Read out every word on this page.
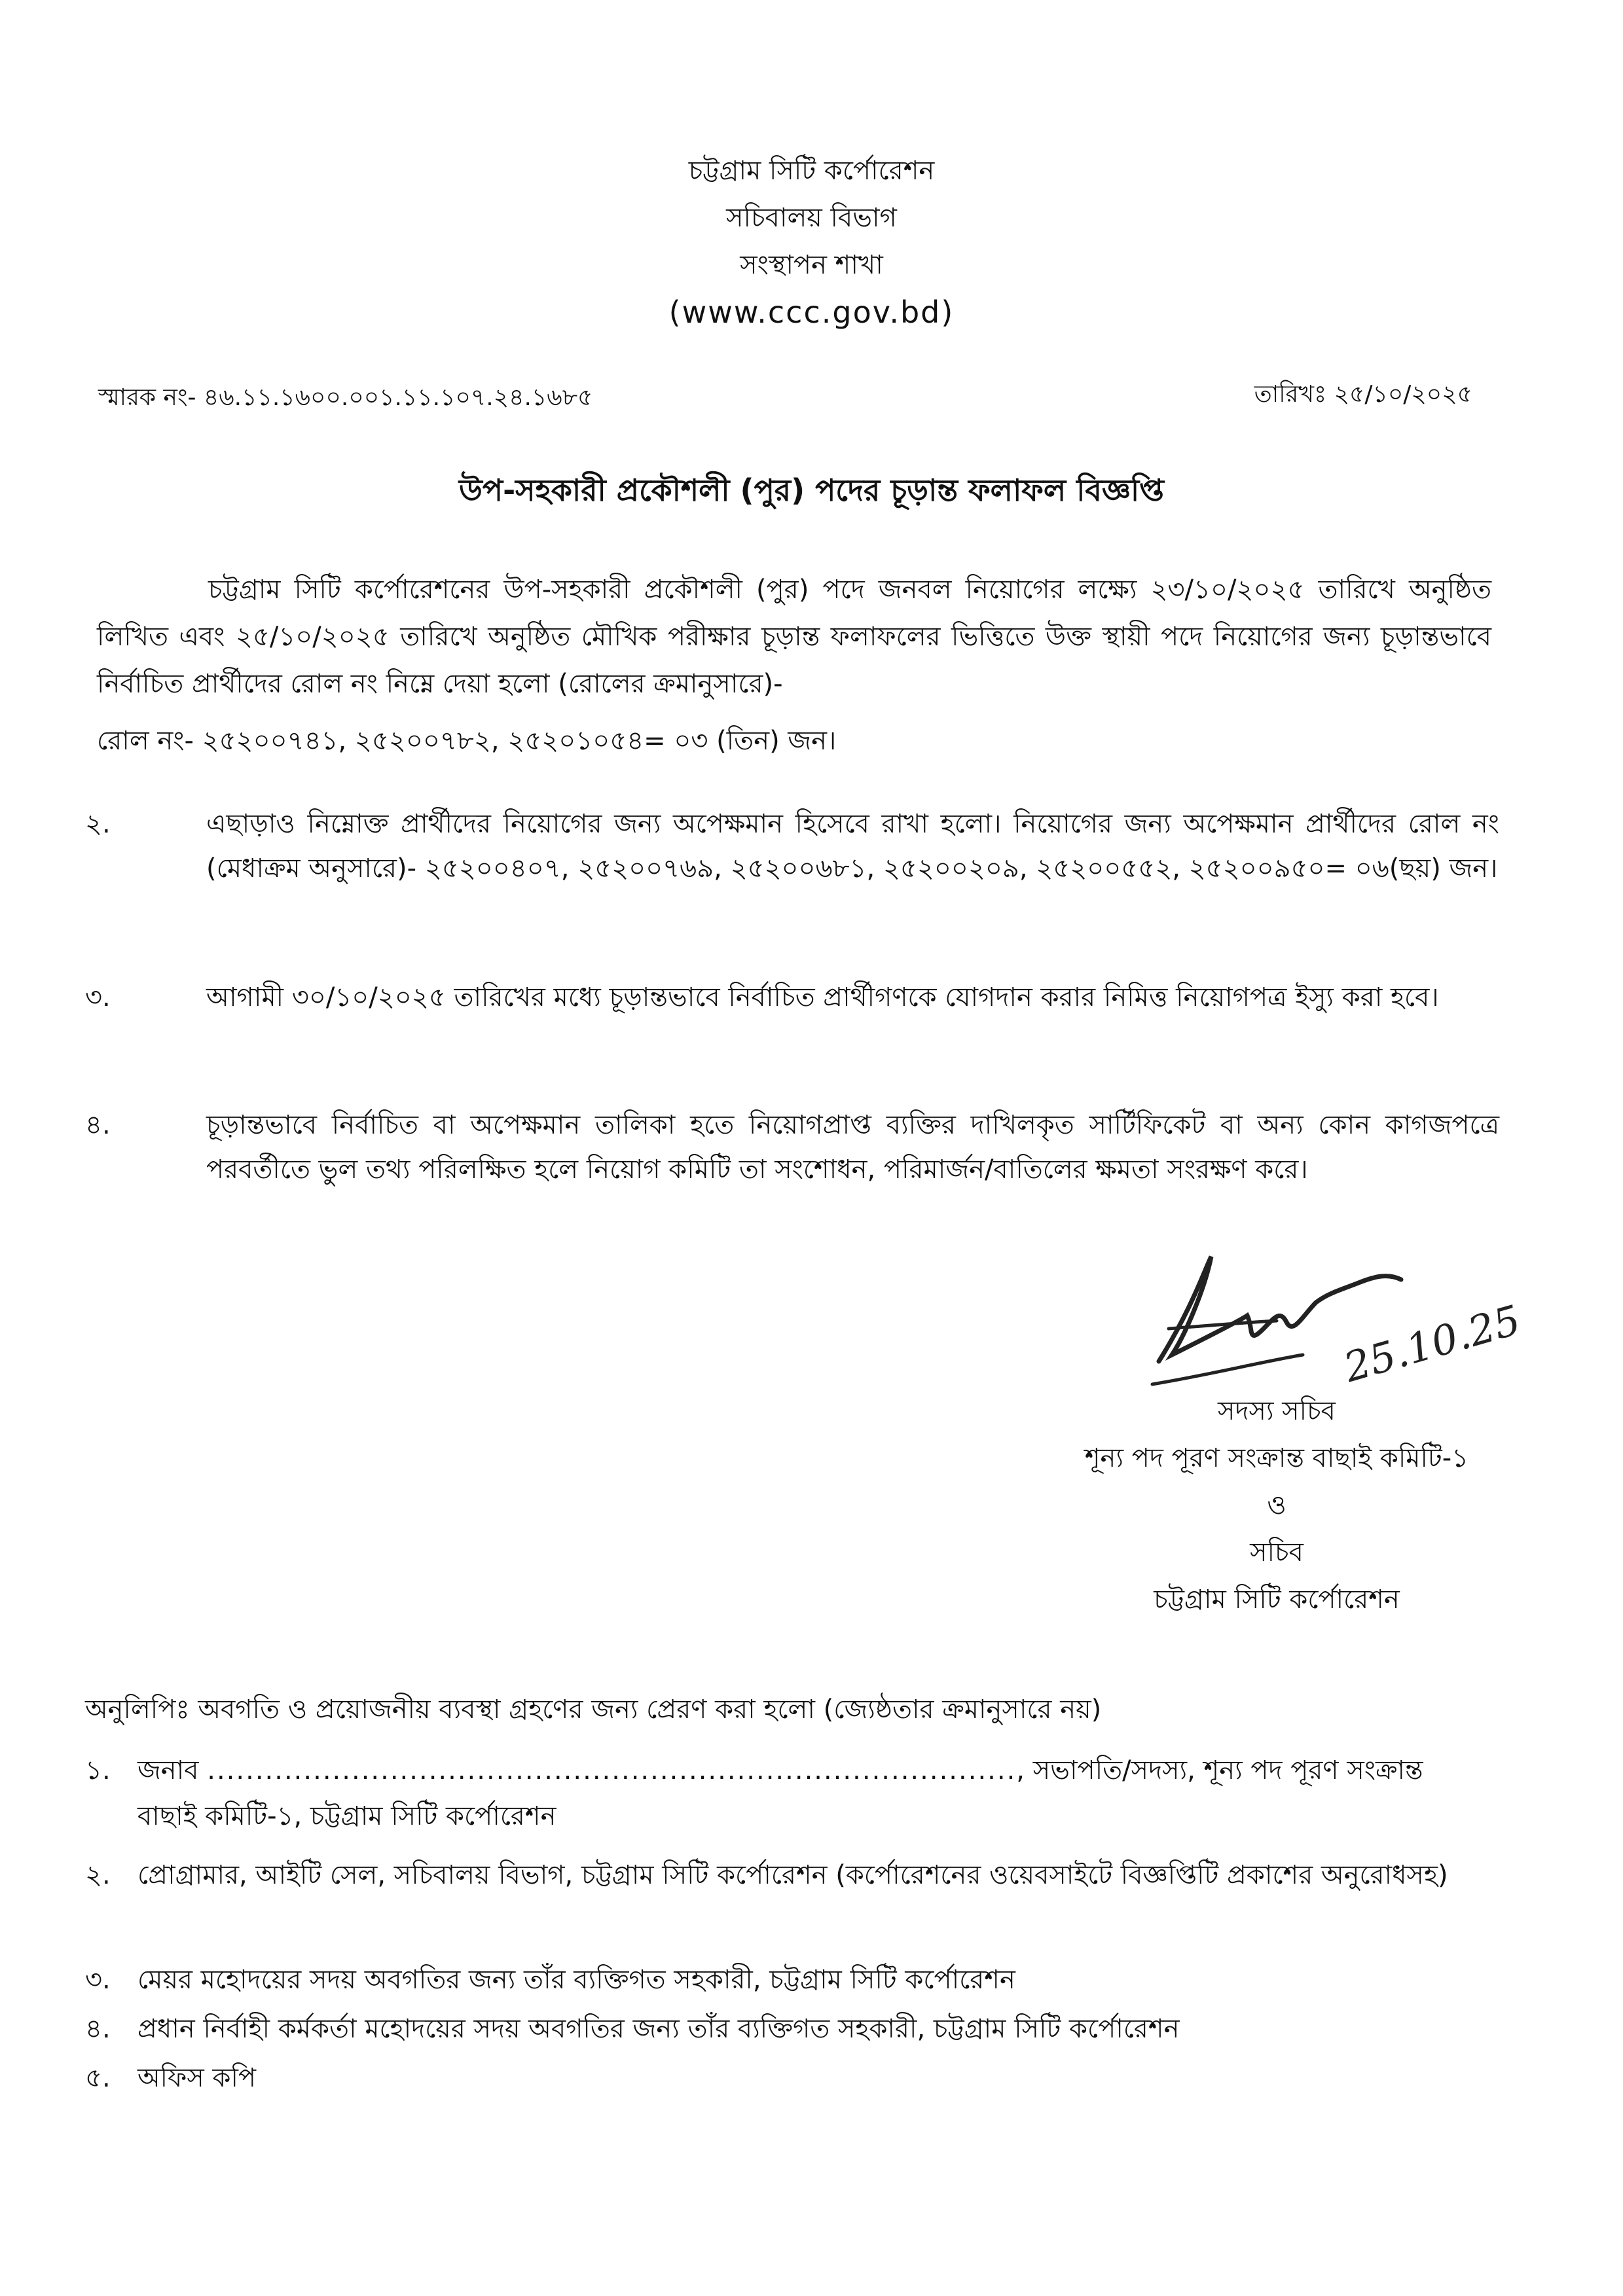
চট্টগ্রাম সিটি কর্পোরেশন
সচিবালয় বিভাগ
সংস্থাপন শাখা
(www.ccc.gov.bd)
স্মারক নং- ৪৬.১১.১৬০০.০০১.১১.১০৭.২৪.১৬৮৫	তারিখঃ ২৫/১০/২০২৫
উপ-সহকারী প্রকৌশলী (পুর) পদের চূড়ান্ত ফলাফল বিজ্ঞপ্তি
চট্টগ্রাম সিটি কর্পোরেশনের উপ-সহকারী প্রকৌশলী (পুর) পদে জনবল নিয়োগের লক্ষ্যে ২৩/১০/২০২৫ তারিখে অনুষ্ঠিত লিখিত এবং ২৫/১০/২০২৫ তারিখে অনুষ্ঠিত মৌখিক পরীক্ষার চূড়ান্ত ফলাফলের ভিত্তিতে উক্ত স্থায়ী পদে নিয়োগের জন্য চূড়ান্তভাবে নির্বাচিত প্রার্থীদের রোল নং নিম্নে দেয়া হলো (রোলের ক্রমানুসারে)-
রোল নং- ২৫২০০৭৪১, ২৫২০০৭৮২, ২৫২০১০৫৪= ০৩ (তিন) জন।
২.	এছাড়াও নিম্নোক্ত প্রার্থীদের নিয়োগের জন্য অপেক্ষমান হিসেবে রাখা হলো। নিয়োগের জন্য অপেক্ষমান প্রার্থীদের রোল নং (মেধাক্রম অনুসারে)- ২৫২০০৪০৭, ২৫২০০৭৬৯, ২৫২০০৬৮১, ২৫২০০২০৯, ২৫২০০৫৫২, ২৫২০০৯৫০= ০৬(ছয়) জন।
৩.	আগামী ৩০/১০/২০২৫ তারিখের মধ্যে চূড়ান্তভাবে নির্বাচিত প্রার্থীগণকে যোগদান করার নিমিত্ত নিয়োগপত্র ইস্যু করা হবে।
৪.	চূড়ান্তভাবে নির্বাচিত বা অপেক্ষমান তালিকা হতে নিয়োগপ্রাপ্ত ব্যক্তির দাখিলকৃত সার্টিফিকেট বা অন্য কোন কাগজপত্রে পরবর্তীতে ভুল তথ্য পরিলক্ষিত হলে নিয়োগ কমিটি তা সংশোধন, পরিমার্জন/বাতিলের ক্ষমতা সংরক্ষণ করে।
25.10.25
সদস্য সচিব
শূন্য পদ পূরণ সংক্রান্ত বাছাই কমিটি-১
ও
সচিব
চট্টগ্রাম সিটি কর্পোরেশন
অনুলিপিঃ অবগতি ও প্রয়োজনীয় ব্যবস্থা গ্রহণের জন্য প্রেরণ করা হলো (জ্যেষ্ঠতার ক্রমানুসারে নয়)
১.	জনাব ...................................................................................., সভাপতি/সদস্য, শূন্য পদ পূরণ সংক্রান্ত বাছাই কমিটি-১, চট্টগ্রাম সিটি কর্পোরেশন
২.	প্রোগ্রামার, আইটি সেল, সচিবালয় বিভাগ, চট্টগ্রাম সিটি কর্পোরেশন (কর্পোরেশনের ওয়েবসাইটে বিজ্ঞপ্তিটি প্রকাশের অনুরোধসহ)
৩.	মেয়র মহোদয়ের সদয় অবগতির জন্য তাঁর ব্যক্তিগত সহকারী, চট্টগ্রাম সিটি কর্পোরেশন
৪.	প্রধান নির্বাহী কর্মকর্তা মহোদয়ের সদয় অবগতির জন্য তাঁর ব্যক্তিগত সহকারী, চট্টগ্রাম সিটি কর্পোরেশন
৫.	অফিস কপি
